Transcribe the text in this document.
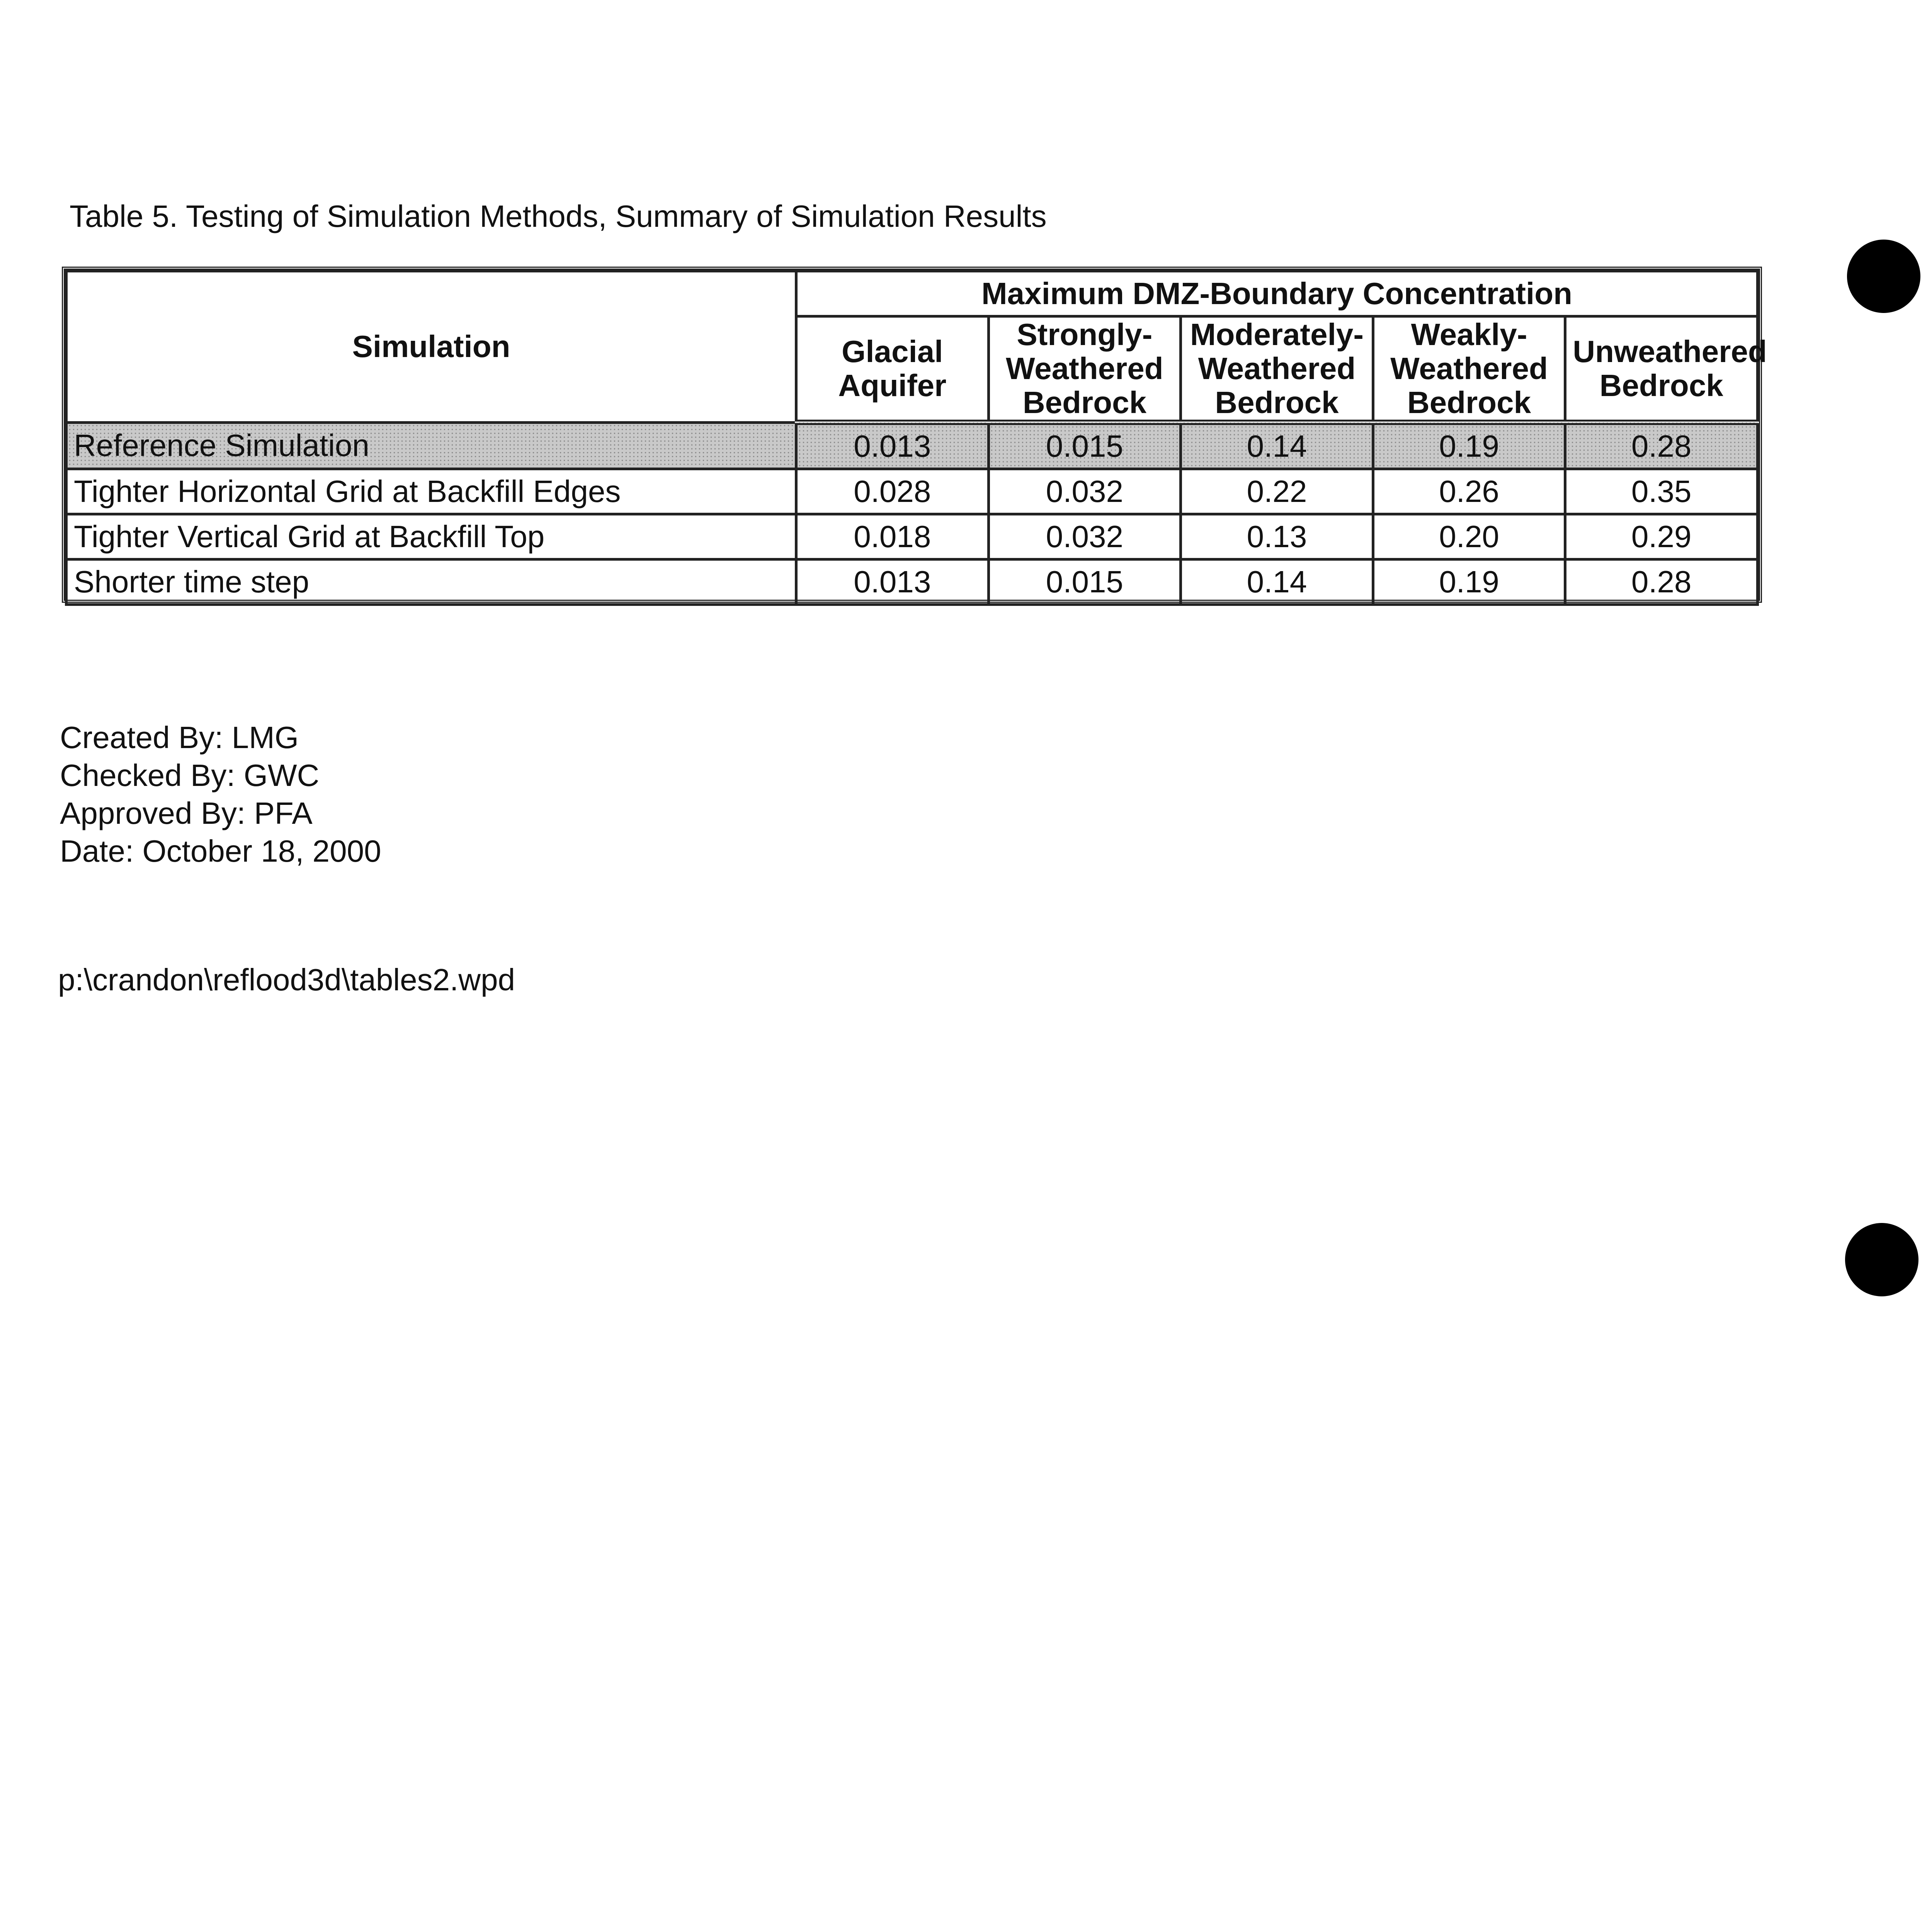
Table 5. Testing of Simulation Methods, Summary of Simulation Results
Simulation	Maximum DMZ-Boundary Concentration				
	Glacial Aquifer	Strongly-Weathered Bedrock	Moderately-Weathered Bedrock	Weakly-Weathered Bedrock	Unweathered Bedrock
Reference Simulation	0.013	0.015	0.14	0.19	0.28
Tighter Horizontal Grid at Backfill Edges	0.028	0.032	0.22	0.26	0.35
Tighter Vertical Grid at Backfill Top	0.018	0.032	0.13	0.20	0.29
Shorter time step	0.013	0.015	0.14	0.19	0.28
Created By: LMG
Checked By: GWC
Approved By: PFA
Date: October 18, 2000
p:\crandon\reflood3d\tables2.wpd
